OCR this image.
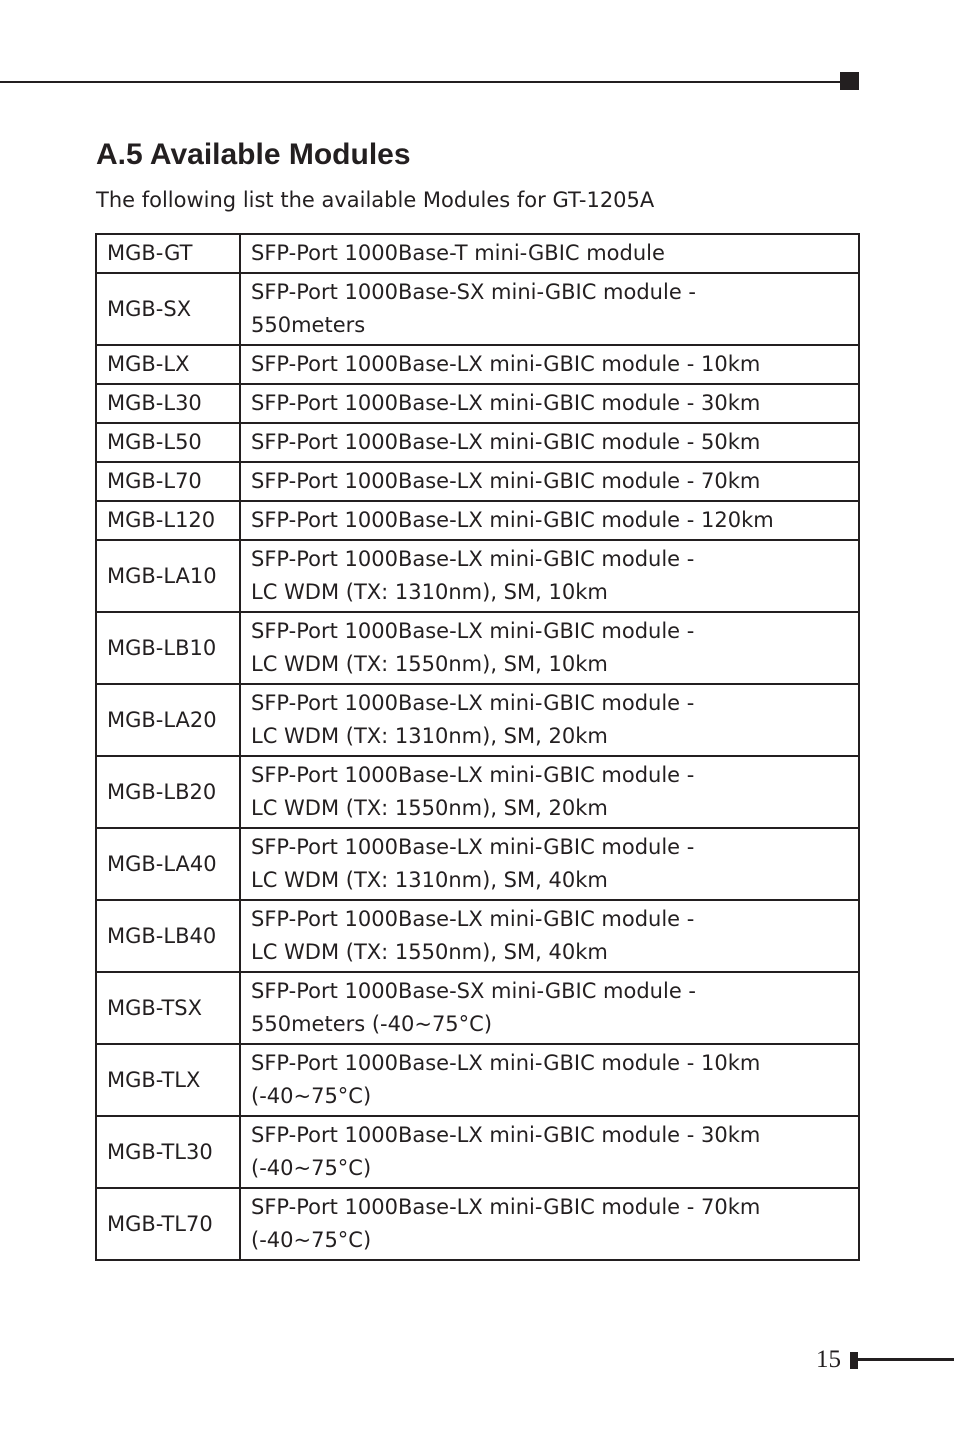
A.5 Available Modules

The following list the available Modules for GT-1205A

MGB-GT	SFP-Port 1000Base-T mini-GBIC module

MGB-SX	SFP-Port 1000Base-SX mini-GBIC module -
550meters

MGB-LX	SFP-Port 1000Base-LX mini-GBIC module - 10km

MGB-L30	SFP-Port 1000Base-LX mini-GBIC module - 30km

MGB-L50	SFP-Port 1000Base-LX mini-GBIC module - 50km

MGB-L70	SFP-Port 1000Base-LX mini-GBIC module - 70km

MGB-L120	SFP-Port 1000Base-LX mini-GBIC module - 120km

MGB-LA10	SFP-Port 1000Base-LX mini-GBIC module -
LC WDM (TX: 1310nm), SM, 10km

MGB-LB10	SFP-Port 1000Base-LX mini-GBIC module -
LC WDM (TX: 1550nm), SM, 10km

MGB-LA20	SFP-Port 1000Base-LX mini-GBIC module -
LC WDM (TX: 1310nm), SM, 20km

MGB-LB20	SFP-Port 1000Base-LX mini-GBIC module -
LC WDM (TX: 1550nm), SM, 20km

MGB-LA40	SFP-Port 1000Base-LX mini-GBIC module -
LC WDM (TX: 1310nm), SM, 40km

MGB-LB40	SFP-Port 1000Base-LX mini-GBIC module -
LC WDM (TX: 1550nm), SM, 40km

MGB-TSX	SFP-Port 1000Base-SX mini-GBIC module -
550meters (-40~75°C)

MGB-TLX	SFP-Port 1000Base-LX mini-GBIC module - 10km
(-40~75°C)

MGB-TL30	SFP-Port 1000Base-LX mini-GBIC module - 30km
(-40~75°C)

MGB-TL70	SFP-Port 1000Base-LX mini-GBIC module - 70km
(-40~75°C)
15
